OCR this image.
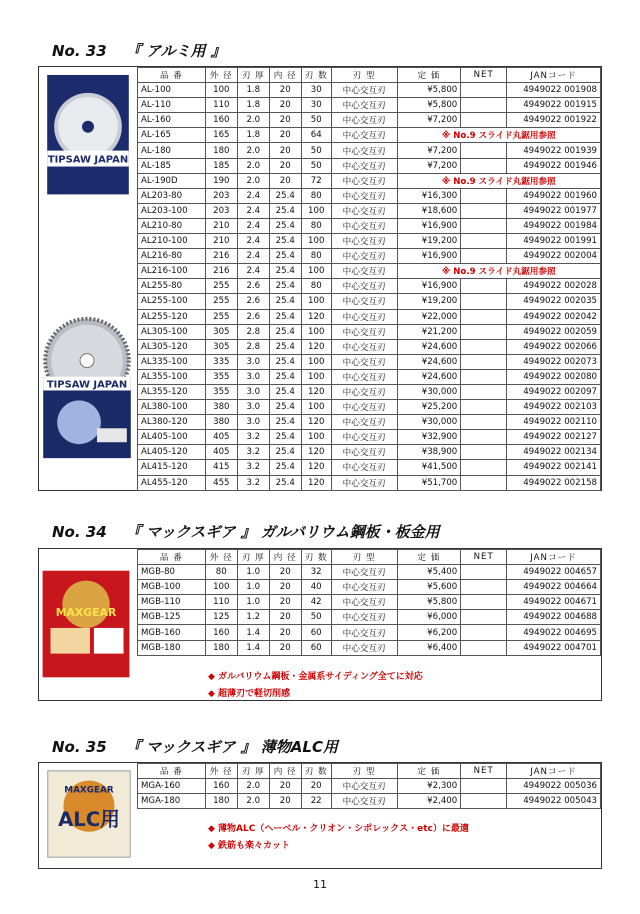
No. 33 『 アルミ用 』
TIPSAW JAPAN
TIPSAW JAPAN
品 番	外 径	刃 厚	内 径	刃 数	刃 型	定 価	NET	JANコード
AL-100	100	1.8	20	30	中心交互刃	¥5,800		4949022 001908
AL-110	110	1.8	20	30	中心交互刃	¥5,800		4949022 001915
AL-160	160	2.0	20	50	中心交互刃	¥7,200		4949022 001922
AL-165	165	1.8	20	64	中心交互刃	※ No.9 スライド丸鋸用参照		
AL-180	180	2.0	20	50	中心交互刃	¥7,200		4949022 001939
AL-185	185	2.0	20	50	中心交互刃	¥7,200		4949022 001946
AL-190D	190	2.0	20	72	中心交互刃	※ No.9 スライド丸鋸用参照		
AL203-80	203	2.4	25.4	80	中心交互刃	¥16,300		4949022 001960
AL203-100	203	2.4	25.4	100	中心交互刃	¥18,600		4949022 001977
AL210-80	210	2.4	25.4	80	中心交互刃	¥16,900		4949022 001984
AL210-100	210	2.4	25.4	100	中心交互刃	¥19,200		4949022 001991
AL216-80	216	2.4	25.4	80	中心交互刃	¥16,900		4949022 002004
AL216-100	216	2.4	25.4	100	中心交互刃	※ No.9 スライド丸鋸用参照		
AL255-80	255	2.6	25.4	80	中心交互刃	¥16,900		4949022 002028
AL255-100	255	2.6	25.4	100	中心交互刃	¥19,200		4949022 002035
AL255-120	255	2.6	25.4	120	中心交互刃	¥22,000		4949022 002042
AL305-100	305	2.8	25.4	100	中心交互刃	¥21,200		4949022 002059
AL305-120	305	2.8	25.4	120	中心交互刃	¥24,600		4949022 002066
AL335-100	335	3.0	25.4	100	中心交互刃	¥24,600		4949022 002073
AL355-100	355	3.0	25.4	100	中心交互刃	¥24,600		4949022 002080
AL355-120	355	3.0	25.4	120	中心交互刃	¥30,000		4949022 002097
AL380-100	380	3.0	25.4	100	中心交互刃	¥25,200		4949022 002103
AL380-120	380	3.0	25.4	120	中心交互刃	¥30,000		4949022 002110
AL405-100	405	3.2	25.4	100	中心交互刃	¥32,900		4949022 002127
AL405-120	405	3.2	25.4	120	中心交互刃	¥38,900		4949022 002134
AL415-120	415	3.2	25.4	120	中心交互刃	¥41,500		4949022 002141
AL455-120	455	3.2	25.4	120	中心交互刃	¥51,700		4949022 002158
No. 34 『 マックスギア 』 ガルバリウム鋼板・板金用
MAXGEAR
品 番	外 径	刃 厚	内 径	刃 数	刃 型	定 価	NET	JANコード
MGB-80	80	1.0	20	32	中心交互刃	¥5,400		4949022 004657
MGB-100	100	1.0	20	40	中心交互刃	¥5,600		4949022 004664
MGB-110	110	1.0	20	42	中心交互刃	¥5,800		4949022 004671
MGB-125	125	1.2	20	50	中心交互刃	¥6,000		4949022 004688
MGB-160	160	1.4	20	60	中心交互刃	¥6,200		4949022 004695
MGB-180	180	1.4	20	60	中心交互刃	¥6,400		4949022 004701
◆ ガルバリウム鋼板・金属系サイディング全てに対応
◆ 超薄刃で軽切削感
No. 35 『 マックスギア 』 薄物ALC用
MAXGEAR
ALC用
品 番	外 径	刃 厚	内 径	刃 数	刃 型	定 価	NET	JANコード
MGA-160	160	2.0	20	20	中心交互刃	¥2,300		4949022 005036
MGA-180	180	2.0	20	22	中心交互刃	¥2,400		4949022 005043
◆ 薄物ALC（ヘーベル・クリオン・シポレックス・etc）に最適
◆ 鉄筋も楽々カット
11
